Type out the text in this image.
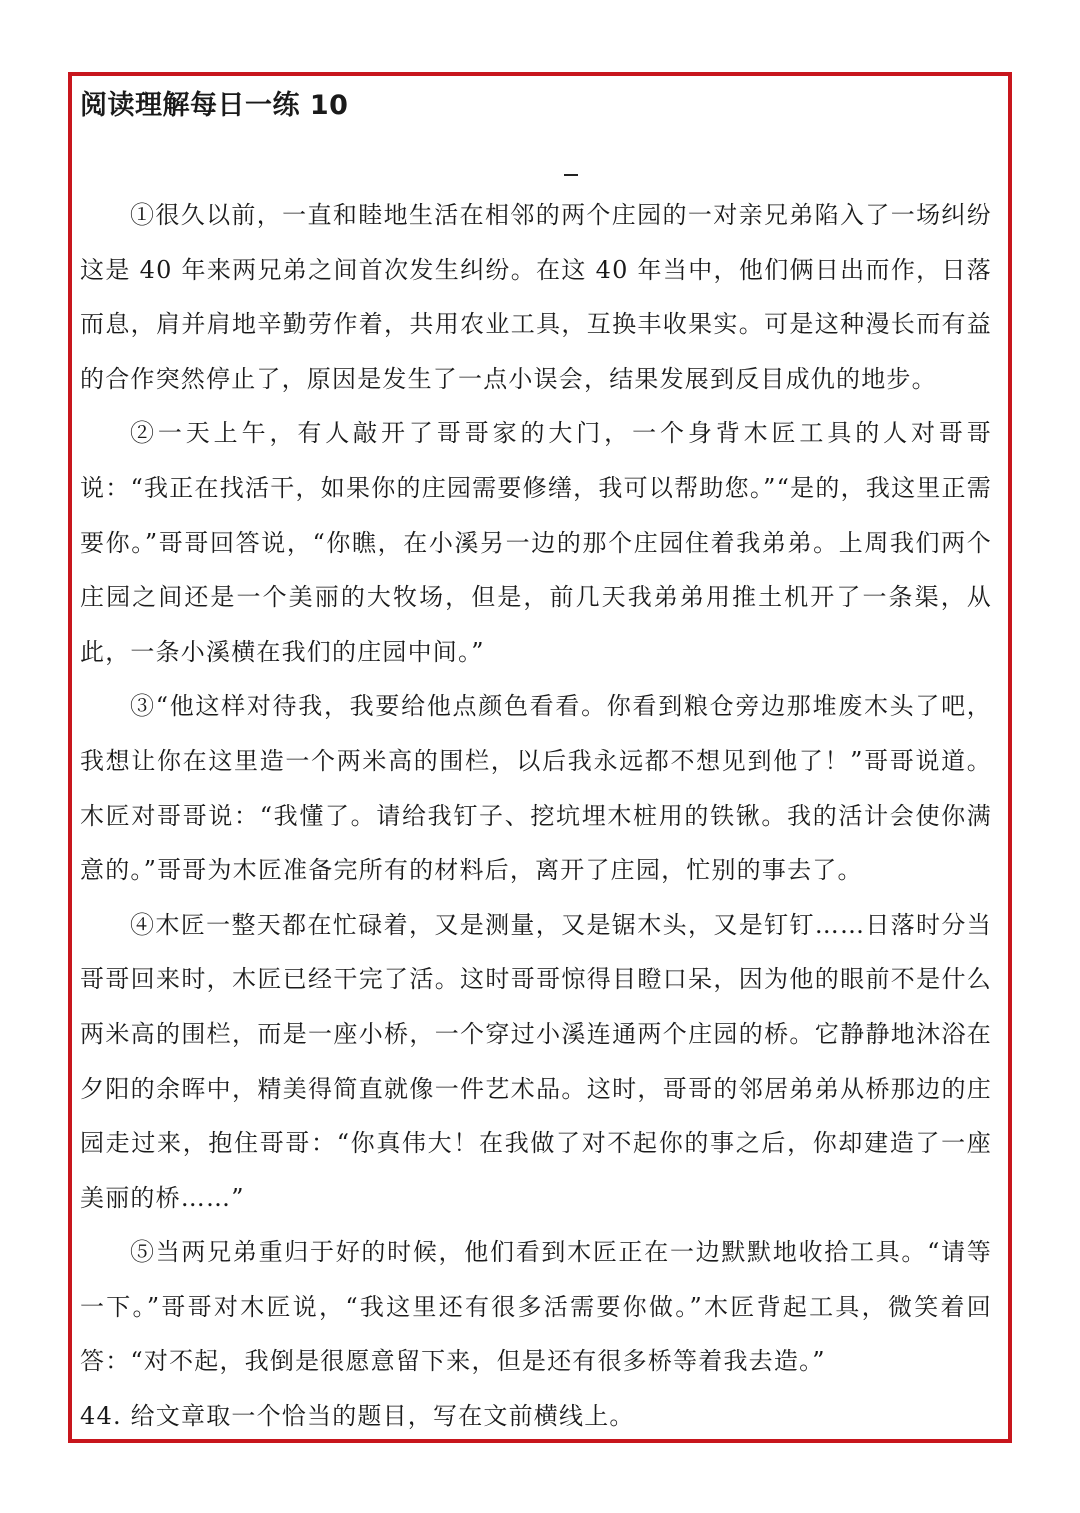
阅读理解每日一练 10

①很久以前，一直和睦地生活在相邻的两个庄园的一对亲兄弟陷入了一场纠纷这是 40 年来两兄弟之间首次发生纠纷。在这 40 年当中，他们俩日出而作，日落而息，肩并肩地辛勤劳作着，共用农业工具，互换丰收果实。可是这种漫长而有益的合作突然停止了，原因是发生了一点小误会，结果发展到反目成仇的地步。

②一天上午，有人敲开了哥哥家的大门，一个身背木匠工具的人对哥哥说：“我正在找活干，如果你的庄园需要修缮，我可以帮助您。”“是的，我这里正需要你。”哥哥回答说，“你瞧，在小溪另一边的那个庄园住着我弟弟。上周我们两个庄园之间还是一个美丽的大牧场，但是，前几天我弟弟用推土机开了一条渠，从此，一条小溪横在我们的庄园中间。”

③“他这样对待我，我要给他点颜色看看。你看到粮仓旁边那堆废木头了吧，我想让你在这里造一个两米高的围栏，以后我永远都不想见到他了！”哥哥说道。木匠对哥哥说：“我懂了。请给我钉子、挖坑埋木桩用的铁锹。我的活计会使你满意的。”哥哥为木匠准备完所有的材料后，离开了庄园，忙别的事去了。

④木匠一整天都在忙碌着，又是测量，又是锯木头，又是钉钉……日落时分当哥哥回来时，木匠已经干完了活。这时哥哥惊得目瞪口呆，因为他的眼前不是什么两米高的围栏，而是一座小桥，一个穿过小溪连通两个庄园的桥。它静静地沐浴在夕阳的余晖中，精美得简直就像一件艺术品。这时，哥哥的邻居弟弟从桥那边的庄园走过来，抱住哥哥：“你真伟大！在我做了对不起你的事之后，你却建造了一座美丽的桥……”

⑤当两兄弟重归于好的时候，他们看到木匠正在一边默默地收拾工具。“请等一下。”哥哥对木匠说，“我这里还有很多活需要你做。”木匠背起工具，微笑着回答：“对不起，我倒是很愿意留下来，但是还有很多桥等着我去造。”

44. 给文章取一个恰当的题目，写在文前横线上。
